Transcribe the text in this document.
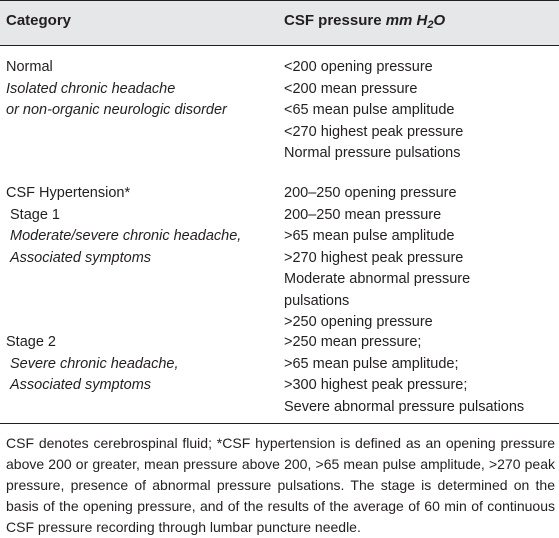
Category	CSF pressure mm $H_2O$
Normal
Isolated chronic headache
or non-organic neurologic disorder
<200 opening pressure
<200 mean pressure
<65 mean pulse amplitude
<270 highest peak pressure
Normal pressure pulsations
CSF Hypertension*
Stage 1
Moderate/severe chronic headache,
Associated symptoms
200–250 opening pressure
200–250 mean pressure
>65 mean pulse amplitude
>270 highest peak pressure
Moderate abnormal pressure
pulsations
>250 opening pressure
Stage 2
Severe chronic headache,
Associated symptoms
>250 mean pressure;
>65 mean pulse amplitude;
>300 highest peak pressure;
Severe abnormal pressure pulsations

CSF denotes cerebrospinal fluid; *CSF hypertension is defined as an opening pressure above 200 or greater, mean pressure above 200, >65 mean pulse amplitude, >270 peak pressure, presence of abnormal pressure pulsations. The stage is determined on the basis of the opening pressure, and of the results of the average of 60 min of continuous CSF pressure recording through lumbar puncture needle.
